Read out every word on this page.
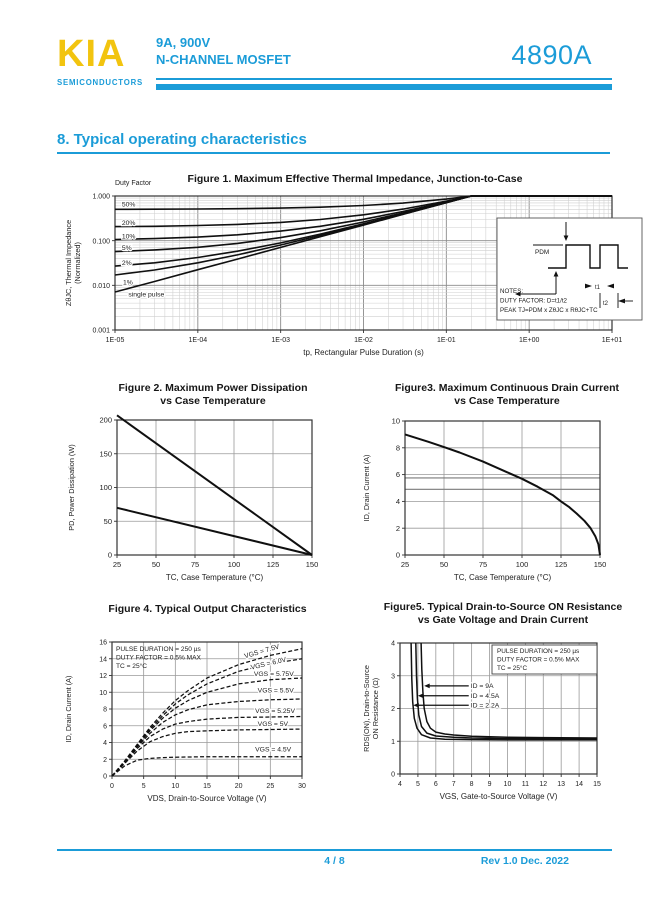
KIA
SEMICONDUCTORS
9A, 900V
N-CHANNEL MOSFET	4890A
8. Typical operating characteristics
Figure 1. Maximum Effective Thermal Impedance, Junction-to-Case
1E-05	1E-04	1E-03	1E-02	1E-01	1E+00	1E+01
1.000
0.100
0.010
0.001
tp, Rectangular Pulse Duration (s)
ZθJC, Thermal Impedance (Normalized)
Duty Factor
50%
20%
10%
5%
2%
1%
single pulse
PDM
t1
t2
NOTES:
DUTY FACTOR: D=t1/t2
PEAK TJ=PDM x ZθJC x RθJC+TC
Figure 2. Maximum Power Dissipation
vs Case Temperature
25	50	75	100	125	150
0
50
100
150
200
TC, Case Temperature (°C)
PD, Power Dissipation (W)
Figure3. Maximum Continuous Drain Current
vs Case Temperature
25	50	75	100	125	150
0
2
4
6
8
10
TC, Case Temperature (°C)
ID, Drain Current (A)
Figure 4. Typical Output Characteristics
0	5	10	15	20	25	30
0
2
4
6
8
10
12
14
16
VDS, Drain-to-Source Voltage (V)
ID, Drain Current (A)
VGS = 7.5V
VGS = 6.0V
VGS = 5.75V
VGS = 5.5V
VGS = 5.25V
VGS = 5V
VGS = 4.5V
PULSE DURATION = 250 µs
DUTY FACTOR = 0.5% MAX
TC = 25°C
Figure5. Typical Drain-to-Source ON Resistance
vs Gate Voltage and Drain Current
4 5 6 7 8 9 10 11 12 13 14 15
0
1
2
3
4
VGS, Gate-to-Source Voltage (V)
RDS(ON), Drain-to-Source ON Resistance (Ω)	ID = 9A
ID = 4.5A
ID = 2.2A
PULSE DURATION = 250 µs
DUTY FACTOR = 0.5% MAX
TC = 25°C
4 / 8	Rev 1.0 Dec. 2022
